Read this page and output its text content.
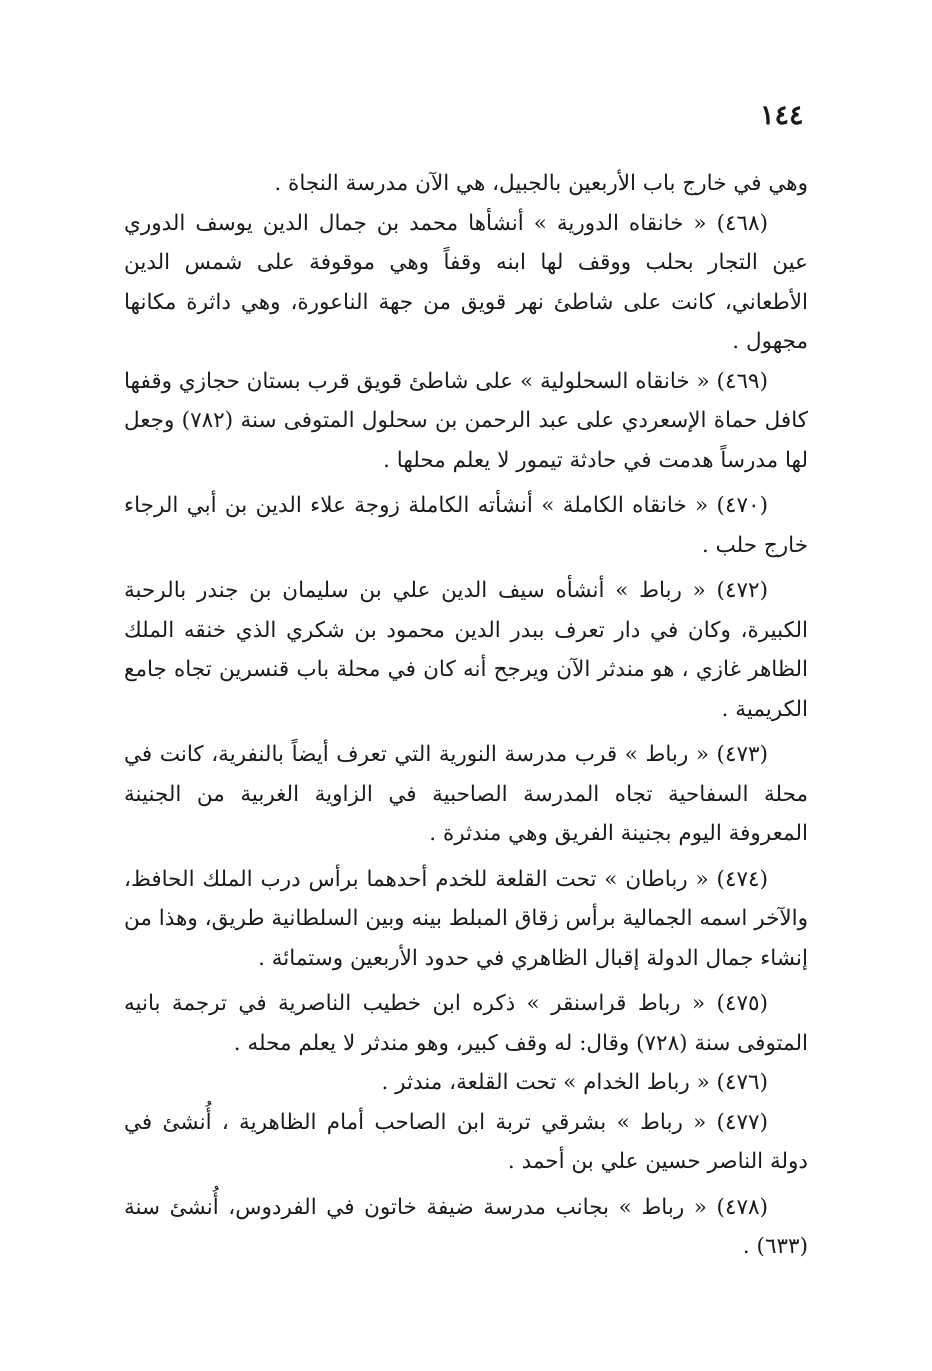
١٤٤

وهي في خارج باب الأربعين بالجبيل، هي الآن مدرسة النجاة .

(٤٦٨) « خانقاه الدورية » أنشأها محمد بن جمال الدين يوسف الدوري عين التجار بحلب ووقف لها ابنه وقفاً وهي موقوفة على شمس الدين الأطعاني، كانت على شاطئ نهر قويق من جهة الناعورة، وهي داثرة مكانها مجهول .

(٤٦٩) « خانقاه السحلولية » على شاطئ قويق قرب بستان حجازي وقفها كافل حماة الإسعردي على عبد الرحمن بن سحلول المتوفى سنة (٧٨٢) وجعل لها مدرساً هدمت في حادثة تيمور لا يعلم محلها .

(٤٧٠) « خانقاه الكاملة » أنشأته الكاملة زوجة علاء الدين بن أبي الرجاء خارج حلب .

(٤٧٢) « رباط » أنشأه سيف الدين علي بن سليمان بن جندر بالرحبة الكبيرة، وكان في دار تعرف ببدر الدين محمود بن شكري الذي خنقه الملك الظاهر غازي ، هو مندثر الآن ويرجح أنه كان في محلة باب قنسرين تجاه جامع الكريمية .

(٤٧٣) « رباط » قرب مدرسة النورية التي تعرف أيضاً بالنفرية، كانت في محلة السفاحية تجاه المدرسة الصاحبية في الزاوية الغربية من الجنينة المعروفة اليوم بجنينة الفريق وهي مندثرة .

(٤٧٤) « رباطان » تحت القلعة للخدم أحدهما برأس درب الملك الحافظ، والآخر اسمه الجمالية برأس زقاق المبلط بينه وبين السلطانية طريق، وهذا من إنشاء جمال الدولة إقبال الظاهري في حدود الأربعين وستمائة .

(٤٧٥) « رباط قراسنقر » ذكره ابن خطيب الناصرية في ترجمة بانيه المتوفى سنة (٧٢٨) وقال: له وقف كبير، وهو مندثر لا يعلم محله .

(٤٧٦) « رباط الخدام » تحت القلعة، مندثر .

(٤٧٧) « رباط » بشرقي تربة ابن الصاحب أمام الظاهرية ، أُنشئ في دولة الناصر حسين علي بن أحمد .

(٤٧٨) « رباط » بجانب مدرسة ضيفة خاتون في الفردوس، أُنشئ سنة (٦٣٣) .
